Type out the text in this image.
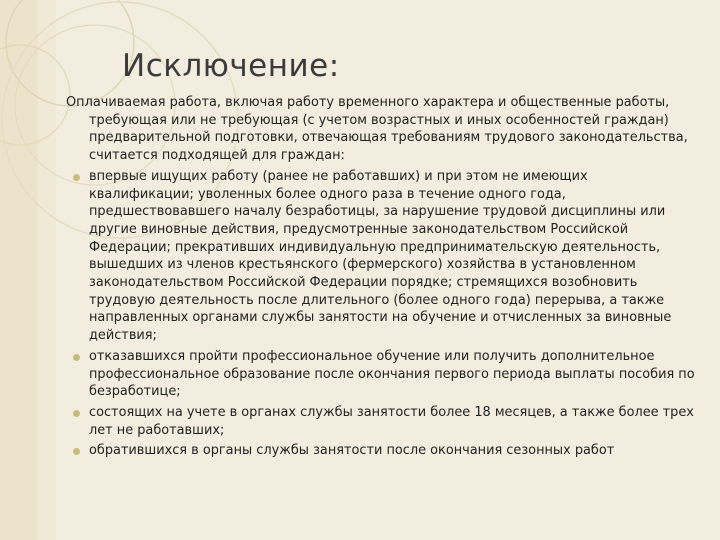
Исключение:

Оплачиваемая работа, включая работу временного характера и общественные работы, требующая или не требующая (с учетом возрастных и иных особенностей граждан) предварительной подготовки, отвечающая требованиям трудового законодательства, считается подходящей для граждан:

впервые ищущих работу (ранее не работавших) и при этом не имеющих квалификации; уволенных более одного раза в течение одного года, предшествовавшего началу безработицы, за нарушение трудовой дисциплины или другие виновные действия, предусмотренные законодательством Российской Федерации; прекративших индивидуальную предпринимательскую деятельность, вышедших из членов крестьянского (фермерского) хозяйства в установленном законодательством Российской Федерации порядке; стремящихся возобновить трудовую деятельность после длительного (более одного года) перерыва, а также направленных органами службы занятости на обучение и отчисленных за виновные действия;
отказавшихся пройти профессиональное обучение или получить дополнительное профессиональное образование после окончания первого периода выплаты пособия по безработице;
состоящих на учете в органах службы занятости более 18 месяцев, а также более трех лет не работавших;
обратившихся в органы службы занятости после окончания сезонных работ
